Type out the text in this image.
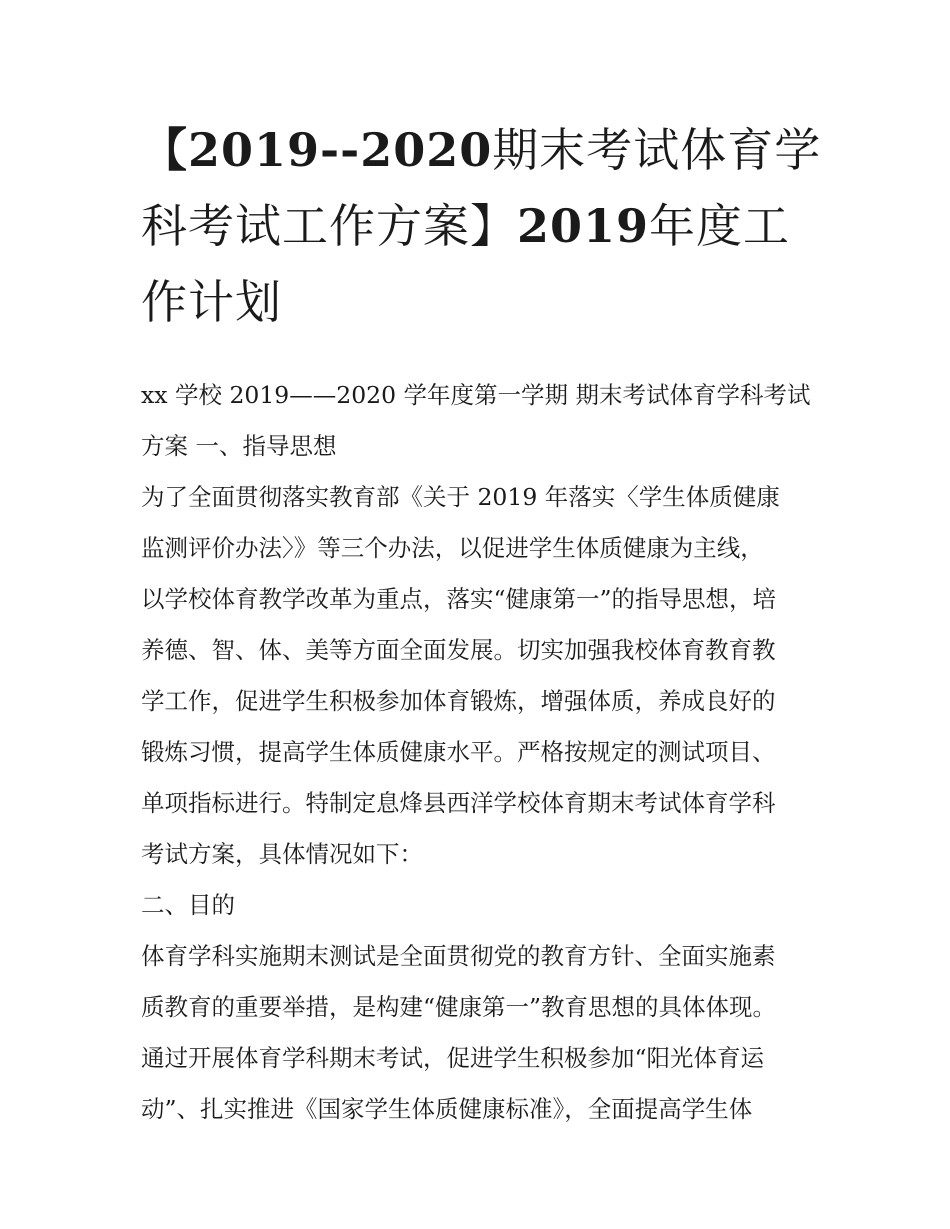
【2019--2020期末考试体育学
科考试工作方案】2019年度工
作计划
xx 学校 2019——2020 学年度第一学期 期末考试体育学科考试
方案 一、指导思想
为了全面贯彻落实教育部《关于 2019 年落实〈学生体质健康
监测评价办法〉》等三个办法，以促进学生体质健康为主线，
以学校体育教学改革为重点，落实“健康第一”的指导思想，培
养德、智、体、美等方面全面发展。切实加强我校体育教育教
学工作，促进学生积极参加体育锻炼，增强体质，养成良好的
锻炼习惯，提高学生体质健康水平。严格按规定的测试项目、
单项指标进行。特制定息烽县西洋学校体育期末考试体育学科
考试方案，具体情况如下：
二、目的
体育学科实施期末测试是全面贯彻党的教育方针、全面实施素
质教育的重要举措，是构建“健康第一”教育思想的具体体现。
通过开展体育学科期末考试，促进学生积极参加“阳光体育运
动”、扎实推进《国家学生体质健康标准》，全面提高学生体
